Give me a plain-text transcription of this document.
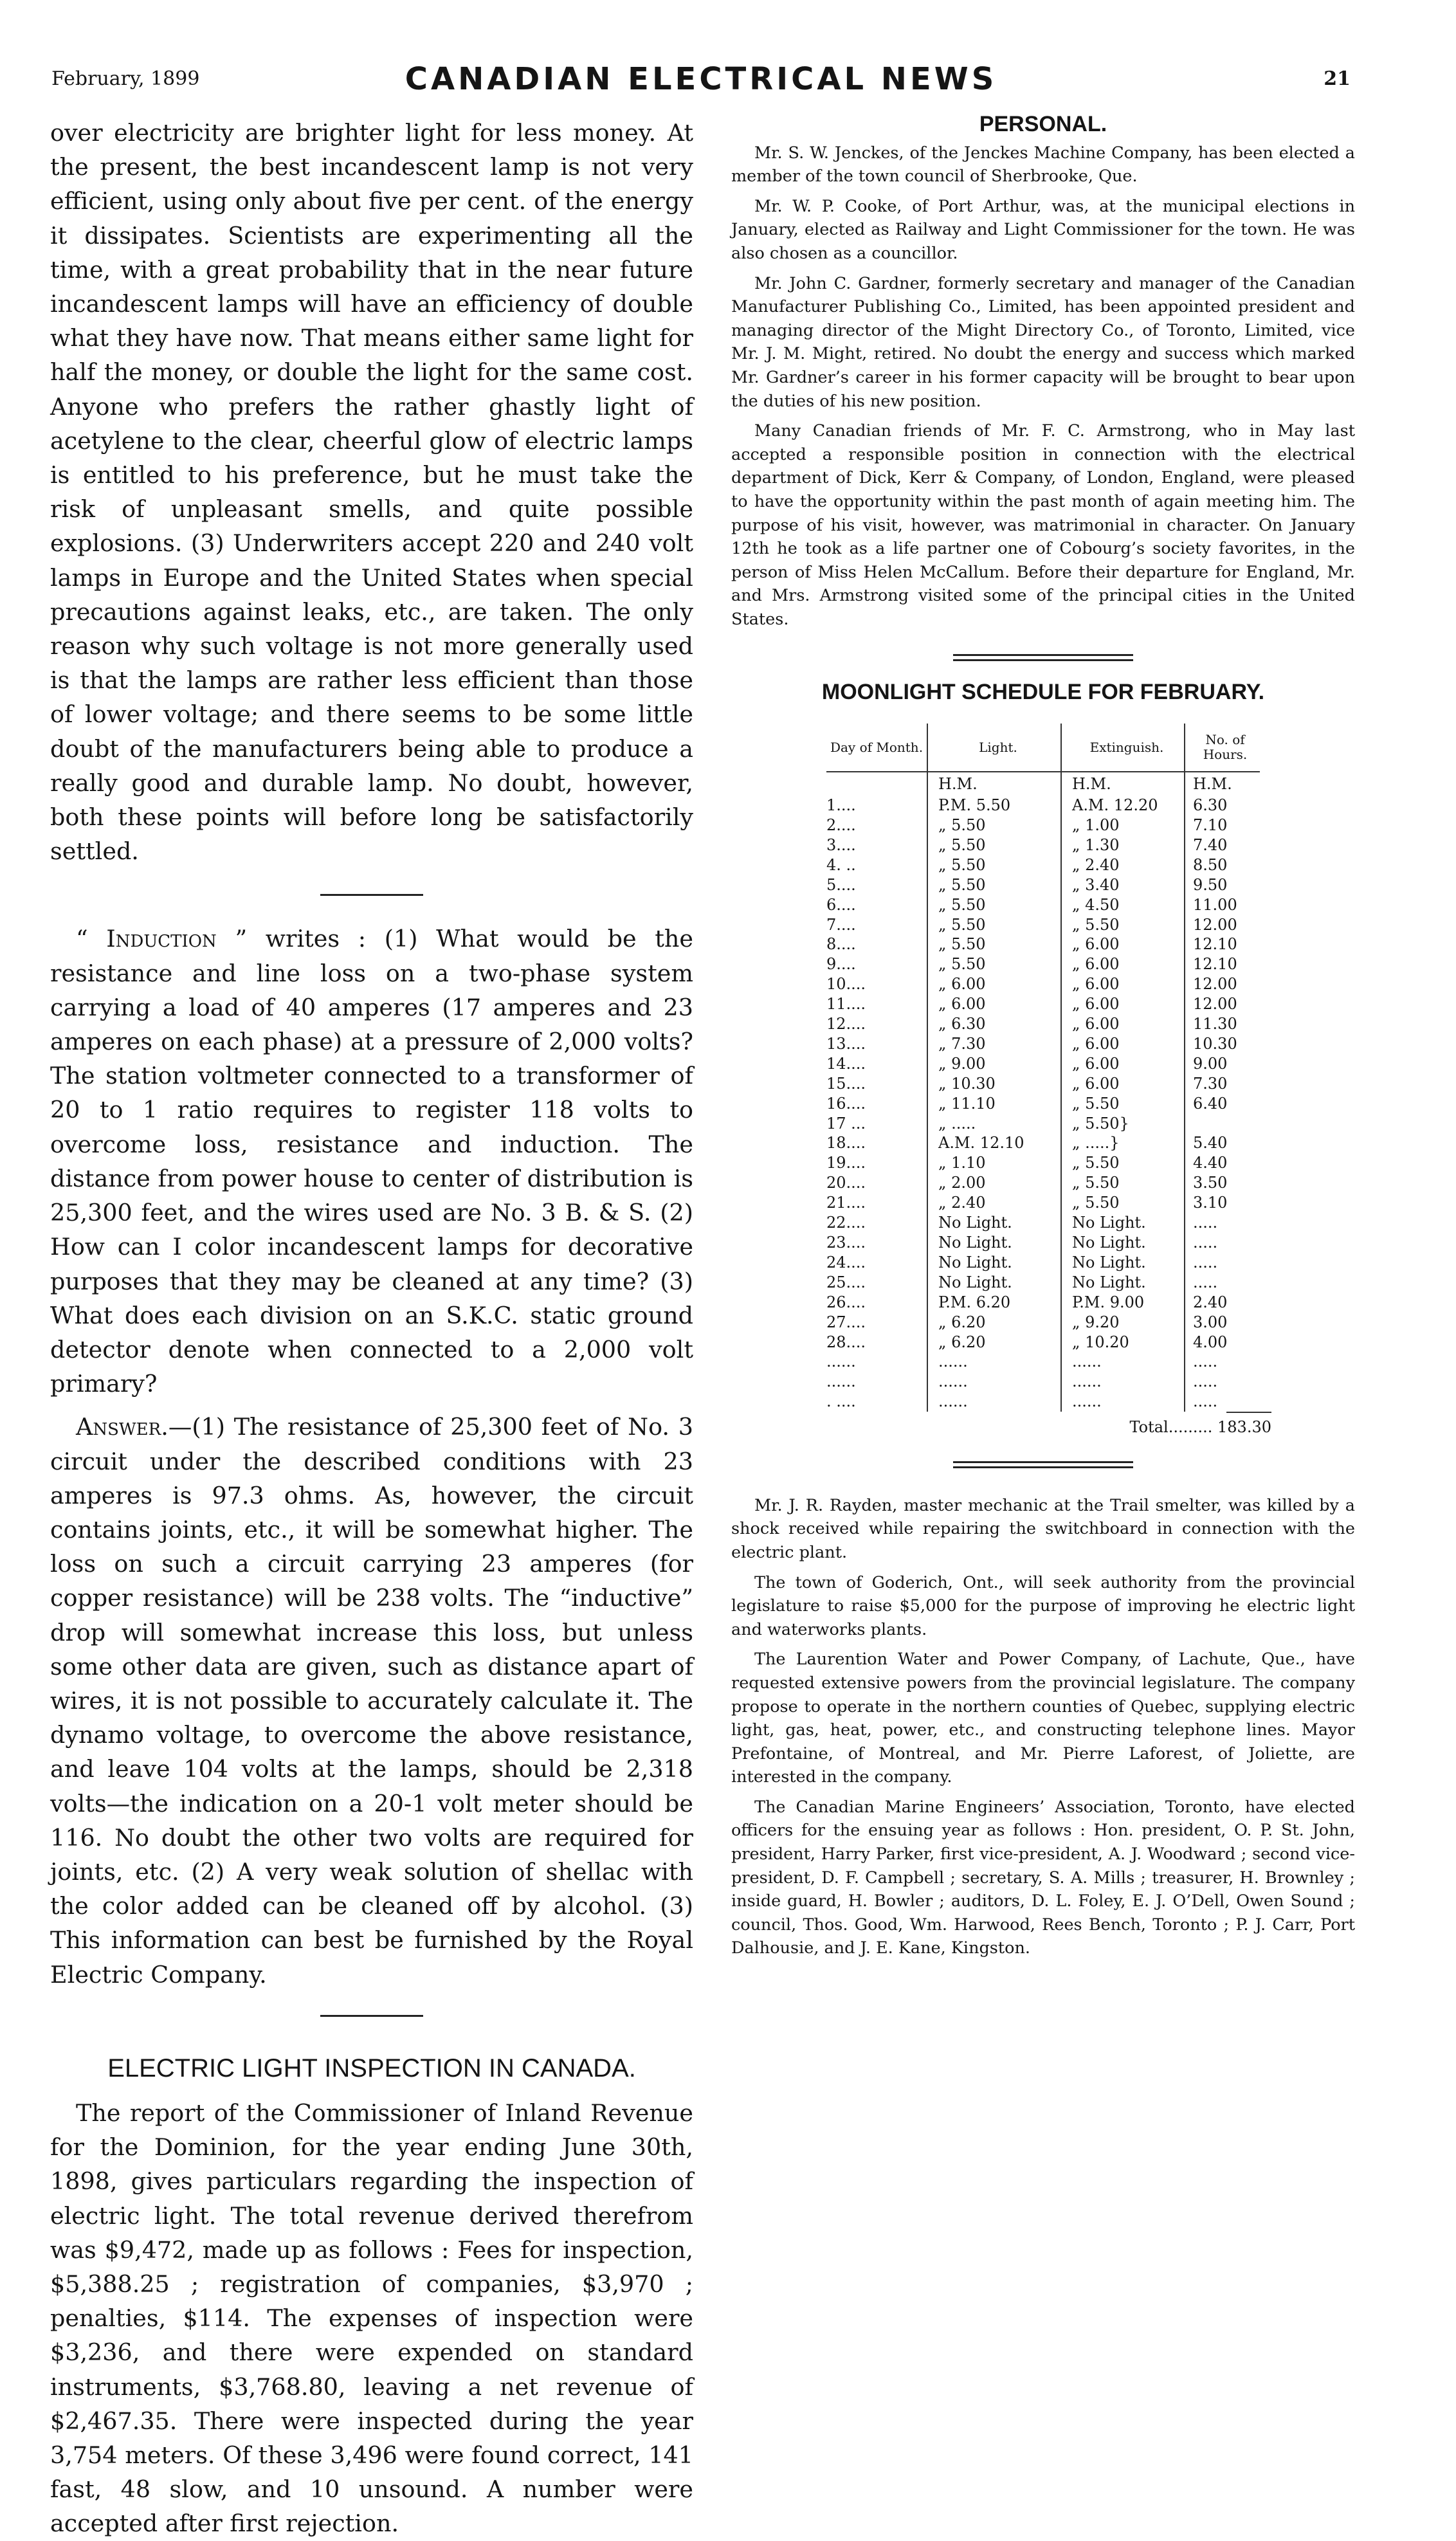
February, 1899	CANADIAN ELECTRICAL NEWS	21

over electricity are brighter light for less money. At the present, the best incandescent lamp is not very efficient, using only about five per cent. of the energy it dissipates. Scientists are experimenting all the time, with a great probability that in the near future incandescent lamps will have an efficiency of double what they have now. That means either same light for half the money, or double the light for the same cost. Anyone who prefers the rather ghastly light of acetylene to the clear, cheerful glow of electric lamps is entitled to his preference, but he must take the risk of unpleasant smells, and quite possible explosions. (3) Underwriters accept 220 and 240 volt lamps in Europe and the United States when special precautions against leaks, etc., are taken. The only reason why such voltage is not more generally used is that the lamps are rather less efficient than those of lower voltage; and there seems to be some little doubt of the manufacturers being able to produce a really good and durable lamp. No doubt, however, both these points will before long be satisfactorily settled.

“ Induction ” writes : (1) What would be the resistance and line loss on a two-phase system carrying a load of 40 amperes (17 amperes and 23 amperes on each phase) at a pressure of 2,000 volts? The station voltmeter connected to a transformer of 20 to 1 ratio requires to register 118 volts to overcome loss, resistance and induction. The distance from power house to center of distribution is 25,300 feet, and the wires used are No. 3 B. & S. (2) How can I color incandescent lamps for decorative purposes that they may be cleaned at any time? (3) What does each division on an S.K.C. static ground detector denote when connected to a 2,000 volt primary?

Answer.—(1) The resistance of 25,300 feet of No. 3 circuit under the described conditions with 23 amperes is 97.3 ohms. As, however, the circuit contains joints, etc., it will be somewhat higher. The loss on such a circuit carrying 23 amperes (for copper resistance) will be 238 volts. The “inductive” drop will somewhat increase this loss, but unless some other data are given, such as distance apart of wires, it is not possible to accurately calculate it. The dynamo voltage, to overcome the above resistance, and leave 104 volts at the lamps, should be 2,318 volts—the indication on a 20-1 volt meter should be 116. No doubt the other two volts are required for joints, etc. (2) A very weak solution of shellac with the color added can be cleaned off by alcohol. (3) This information can best be furnished by the Royal Electric Company.

ELECTRIC LIGHT INSPECTION IN CANADA.

The report of the Commissioner of Inland Revenue for the Dominion, for the year ending June 30th, 1898, gives particulars regarding the inspection of electric light. The total revenue derived therefrom was $9,472, made up as follows : Fees for inspection, $5,388.25 ; registration of companies, $3,970 ; penalties, $114. The expenses of inspection were $3,236, and there were expended on standard instruments, $3,768.80, leaving a net revenue of $2,467.35. There were inspected during the year 3,754 meters. Of these 3,496 were found correct, 141 fast, 48 slow, and 10 unsound. A number were accepted after first rejection.

PERSONAL.

Mr. S. W. Jenckes, of the Jenckes Machine Company, has been elected a member of the town council of Sherbrooke, Que.

Mr. W. P. Cooke, of Port Arthur, was, at the municipal elections in January, elected as Railway and Light Commissioner for the town. He was also chosen as a councillor.

Mr. John C. Gardner, formerly secretary and manager of the Canadian Manufacturer Publishing Co., Limited, has been appointed president and managing director of the Might Directory Co., of Toronto, Limited, vice Mr. J. M. Might, retired. No doubt the energy and success which marked Mr. Gardner’s career in his former capacity will be brought to bear upon the duties of his new position.

Many Canadian friends of Mr. F. C. Armstrong, who in May last accepted a responsible position in connection with the electrical department of Dick, Kerr & Company, of London, England, were pleased to have the opportunity within the past month of again meeting him. The purpose of his visit, however, was matrimonial in character. On January 12th he took as a life partner one of Cobourg’s society favorites, in the person of Miss Helen McCallum. Before their departure for England, Mr. and Mrs. Armstrong visited some of the principal cities in the United States.

MOONLIGHT SCHEDULE FOR FEBRUARY.
Day of Month.	Light.	Extinguish.	No. of Hours.
	H.M.	H.M.	H.M.
1....	P.M. 5.50	A.M. 12.20	6.30
2....	„ 5.50	„ 1.00	7.10
3....	„ 5.50	„ 1.30	7.40
4. ..	„ 5.50	„ 2.40	8.50
5....	„ 5.50	„ 3.40	9.50
6....	„ 5.50	„ 4.50	11.00
7....	„ 5.50	„ 5.50	12.00
8....	„ 5.50	„ 6.00	12.10
9....	„ 5.50	„ 6.00	12.10
10....	„ 6.00	„ 6.00	12.00
11....	„ 6.00	„ 6.00	12.00
12....	„ 6.30	„ 6.00	11.30
13....	„ 7.30	„ 6.00	10.30
14....	„ 9.00	„ 6.00	9.00
15....	„ 10.30	„ 6.00	7.30
16....	„ 11.10	„ 5.50	6.40
17 ...	„ .....	„ 5.50}	
18....	A.M. 12.10	„ .....}	5.40
19....	„ 1.10	„ 5.50	4.40
20....	„ 2.00	„ 5.50	3.50
21....	„ 2.40	„ 5.50	3.10
22....	No Light.	No Light.	.....
23....	No Light.	No Light.	.....
24....	No Light.	No Light.	.....
25....	No Light.	No Light.	.....
26....	P.M. 6.20	P.M. 9.00	2.40
27....	„ 6.20	„ 9.20	3.00
28....	„ 6.20	„ 10.20	4.00
......	......	......	.....
......	......	......	.....
. ....	......	......	.....
Total......... 183.30

Mr. J. R. Rayden, master mechanic at the Trail smelter, was killed by a shock received while repairing the switchboard in connection with the electric plant.

The town of Goderich, Ont., will seek authority from the provincial legislature to raise $5,000 for the purpose of improving he electric light and waterworks plants.

The Laurention Water and Power Company, of Lachute, Que., have requested extensive powers from the provincial legislature. The company propose to operate in the northern counties of Quebec, supplying electric light, gas, heat, power, etc., and constructing telephone lines. Mayor Prefontaine, of Montreal, and Mr. Pierre Laforest, of Joliette, are interested in the company.

The Canadian Marine Engineers’ Association, Toronto, have elected officers for the ensuing year as follows : Hon. president, O. P. St. John, president, Harry Parker, first vice-president, A. J. Woodward ; second vice-president, D. F. Campbell ; secretary, S. A. Mills ; treasurer, H. Brownley ; inside guard, H. Bowler ; auditors, D. L. Foley, E. J. O’Dell, Owen Sound ; council, Thos. Good, Wm. Harwood, Rees Bench, Toronto ; P. J. Carr, Port Dalhousie, and J. E. Kane, Kingston.
